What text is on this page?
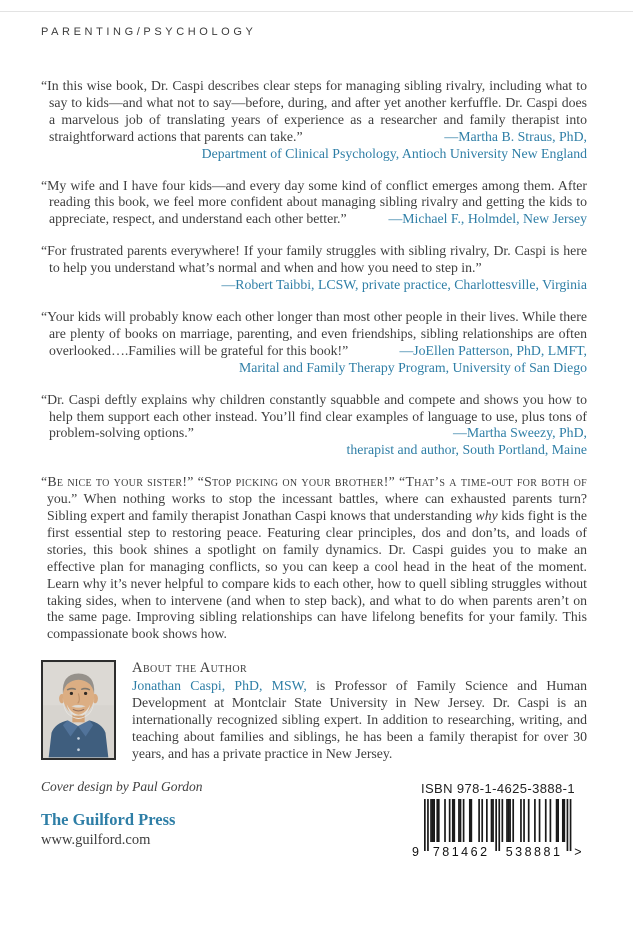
PARENTING/PSYCHOLOGY

“In this wise book, Dr. Caspi describes clear steps for managing sibling rivalry, including what to say to kids—and what not to say—before, during, and after yet another kerfuffle. Dr. Caspi does a marvelous job of translating years of experience as a researcher and family therapist into straightforward actions that parents can take.”	—Martha B. Straus, PhD,

Department of Clinical Psychology, Antioch University New England

“My wife and I have four kids—and every day some kind of conflict emerges among them. After reading this book, we feel more confident about managing sibling rivalry and getting the kids to appreciate, respect, and understand each other better.”	—Michael F., Holmdel, New Jersey

“For frustrated parents everywhere! If your family struggles with sibling rivalry, Dr. Caspi is here to help you understand what’s normal and when and how you need to step in.”
—Robert Taibbi, LCSW, private practice, Charlottesville, Virginia

“Your kids will probably know each other longer than most other people in their lives. While there are plenty of books on marriage, parenting, and even friendships, sibling relationships are often overlooked….Families will be grateful for this book!”	—JoEllen Patterson, PhD, LMFT,

Marital and Family Therapy Program, University of San Diego

“Dr. Caspi deftly explains why children constantly squabble and compete and shows you how to help them support each other instead. You’ll find clear examples of language to use, plus tons of problem-solving options.”	—Martha Sweezy, PhD,

therapist and author, South Portland, Maine

“Be nice to your sister!” “Stop picking on your brother!” “That’s a time-out for both of you.” When nothing works to stop the incessant battles, where can exhausted parents turn? Sibling expert and family therapist Jonathan Caspi knows that understanding why kids fight is the first essential step to restoring peace. Featuring clear principles, dos and don’ts, and loads of stories, this book shines a spotlight on family dynamics. Dr. Caspi guides you to make an effective plan for managing conflicts, so you can keep a cool head in the heat of the moment. Learn why it’s never helpful to compare kids to each other, how to quell sibling struggles without taking sides, when to intervene (and when to step back), and what to do when parents aren’t on the same page. Improving sibling relationships can have lifelong benefits for your family. This compassionate book shows how.

About the Author

Jonathan Caspi, PhD, MSW, is Professor of Family Science and Human Development at Montclair State University in New Jersey. Dr. Caspi is an internationally recognized sibling expert. In addition to researching, writing, and teaching about families and siblings, he has been a family therapist for over 30 years, and has a private practice in New Jersey.

Cover design by Paul Gordon
The Guilford Press
www.guilford.com
ISBN 978-1-4625-3888-1
9 781462 538881 >
